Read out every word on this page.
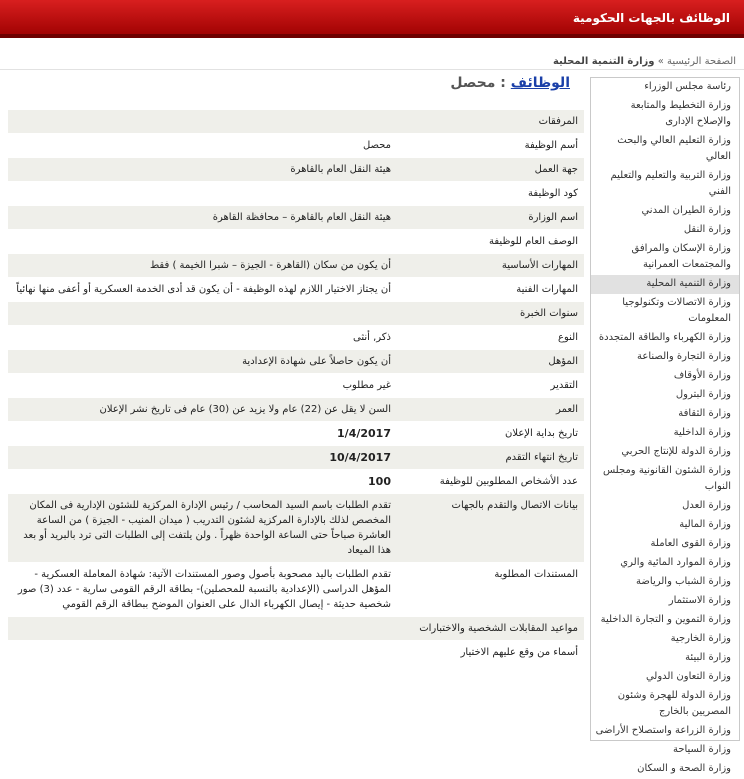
الوظائف بالجهات الحكومية
الصفحة الرئيسية » وزارة التنمية المحلية
الوظائف : محصل	رئاسة مجلس الوزراء
وزارة التخطيط والمتابعة والإصلاح الإدارى
وزارة التعليم العالي والبحث العالي
وزارة التربية والتعليم والتعليم الفني
وزارة الطيران المدني
وزارة النقل
وزارة الإسكان والمرافق والمجتمعات العمرانية
وزارة التنمية المحلية
وزارة الاتصالات وتكنولوجيا المعلومات
وزارة الكهرباء والطاقة المتجددة
وزارة التجارة والصناعة
وزارة الأوقاف
وزارة البترول
وزارة الثقافة
وزارة الداخلية
وزارة الدولة للإنتاج الحربي
وزارة الشئون القانونية ومجلس النواب
وزارة العدل
وزارة المالية
وزارة القوى العاملة
وزارة الموارد المائية والري
وزارة الشباب والرياضة
وزارة الاستثمار
وزارة التموين و التجارة الداخلية
وزارة الخارجية
وزارة البيئة
وزارة التعاون الدولي
وزارة الدولة للهجرة وشئون المصريين بالخارج
وزارة الزراعة واستصلاح الأراضى
وزارة السياحة
وزارة الصحة و السكان
المرفقات	
أسم الوظيفة	محصل
جهة العمل	هيئة النقل العام بالقاهرة
كود الوظيفة	
اسم الوزارة	هيئة النقل العام بالقاهرة – محافظة القاهرة
الوصف العام للوظيفة	
المهارات الأساسية	أن يكون من سكان (القاهرة - الجيزة – شبرا الخيمة ) فقط
المهارات الفنية	أن يجتاز الاختيار اللازم لهذه الوظيفة - أن يكون قد أدى الخدمة العسكرية أو أعفى منها نهائياً
سنوات الخبرة	
النوع	ذكر, أنثى
المؤهل	أن يكون حاصلاً على شهادة الإعدادية
التقدير	غير مطلوب
العمر	السن لا يقل عن (22) عام ولا يزيد عن (30) عام فى تاريخ نشر الإعلان
تاريخ بداية الإعلان	1/4/2017
تاريخ انتهاء التقدم	10/4/2017
عدد الأشخاص المطلوبين للوظيفة	100
بيانات الاتصال والتقدم بالجهات	تقدم الطلبات باسم السيد المحاسب / رئيس الإدارة المركزية للشئون الإدارية فى المكان المخصص لذلك بالإدارة المركزية لشئون التدريب ( ميدان المنيب - الجيزة ) من الساعة العاشرة صباحاً حتى الساعة الواحدة ظهراً . ولن يلتفت إلى الطلبات التى ترد بالبريد أو بعد هذا الميعاد
المستندات المطلوبة	تقدم الطلبات باليد مصحوبة بأصول وصور المستندات الآتية: شهادة المعاملة العسكرية - المؤهل الدراسى (الإعدادية بالنسبة للمحصلين)- بطاقة الرقم القومى سارية - عدد (3) صور شخصية حديثة - إيصال الكهرباء الدال على العنوان الموضح ببطاقة الرقم القومي
مواعيد المقابلات الشخصية والاختبارات	
أسماء من وقع عليهم الاختيار	
